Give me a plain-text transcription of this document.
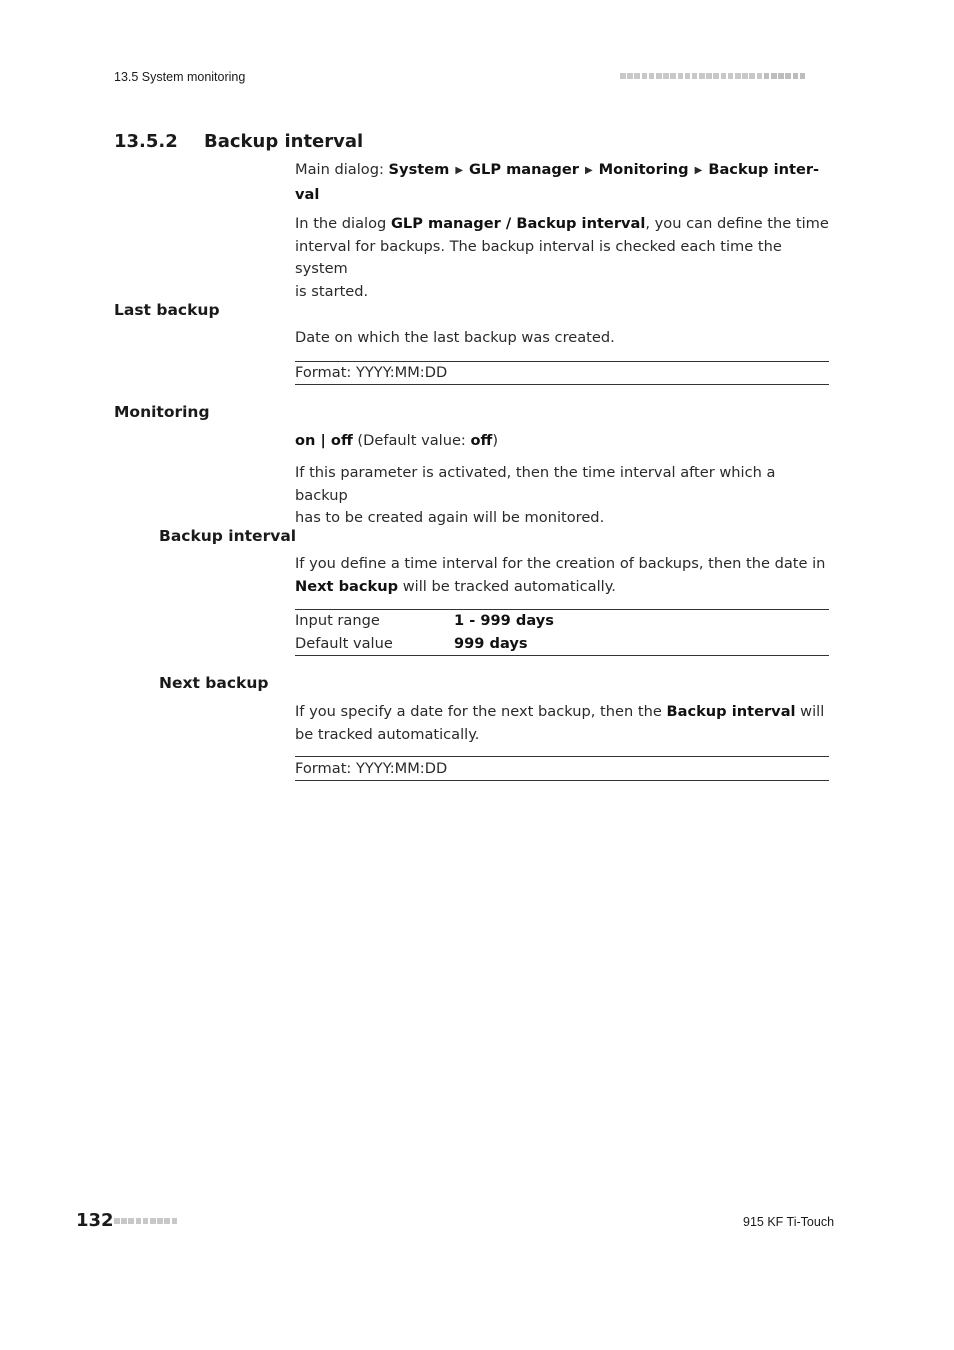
13.5 System monitoring
13.5.2 Backup interval

Main dialog: System ▶ GLP manager ▶ Monitoring ▶ Backup inter-
val

In the dialog GLP manager / Backup interval, you can define the time
interval for backups. The backup interval is checked each time the system
is started.

Last backup

Date on which the last backup was created.

Format: YYYY:MM:DD
Monitoring

on | off (Default value: off)

If this parameter is activated, then the time interval after which a backup
has to be created again will be monitored.

Backup interval

If you define a time interval for the creation of backups, then the date in
Next backup will be tracked automatically.

Input range	1 - 999 days
Default value	999 days
Next backup

If you specify a date for the next backup, then the Backup interval will
be tracked automatically.

Format: YYYY:MM:DD
132	915 KF Ti-Touch
